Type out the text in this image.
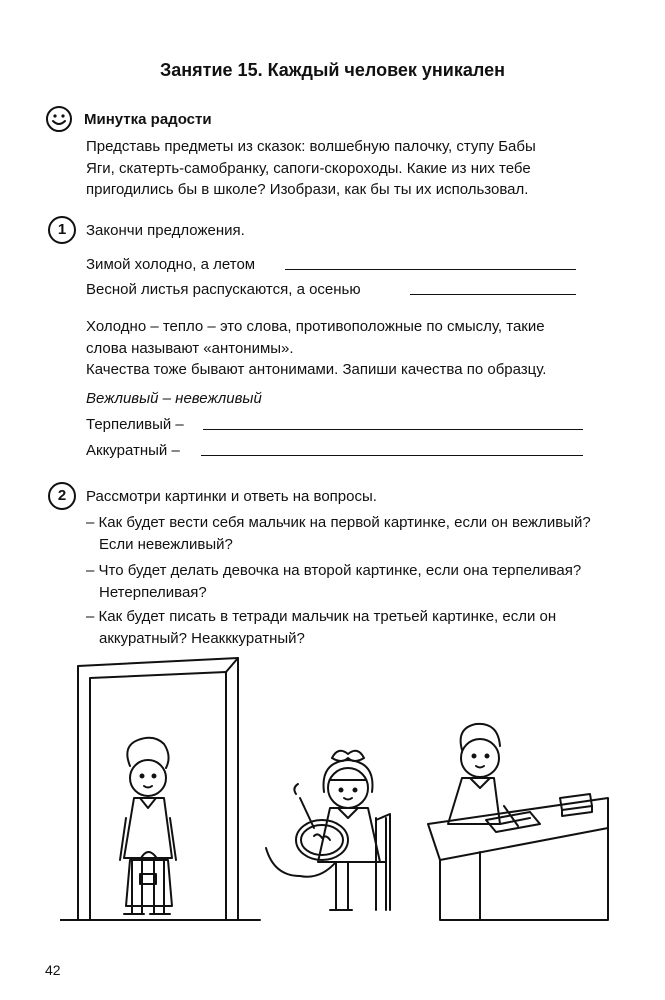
Занятие 15. Каждый человек уникален
Минутка радости
Представь предметы из сказок: волшебную палочку, ступу Бабы
Яги, скатерть-самобранку, сапоги-скороходы. Какие из них тебе
пригодились бы в школе? Изобрази, как бы ты их использовал.
1	Закончи предложения.
Зимой холодно, а летом
Весной листья распускаются, а осенью
Холодно – тепло – это слова, противоположные по смыслу, такие
слова называют «антонимы».
Качества тоже бывают антонимами. Запиши качества по образцу.
Вежливый – невежливый
Терпеливый –
Аккуратный –
2	Рассмотри картинки и ответь на вопросы.
– Как будет вести себя мальчик на первой картинке, если он вежливый?
Если невежливый?
– Что будет делать девочка на второй картинке, если она терпеливая?
Нетерпеливая?
– Как будет писать в тетради мальчик на третьей картинке, если он
аккуратный? Неакккуратный?
42
